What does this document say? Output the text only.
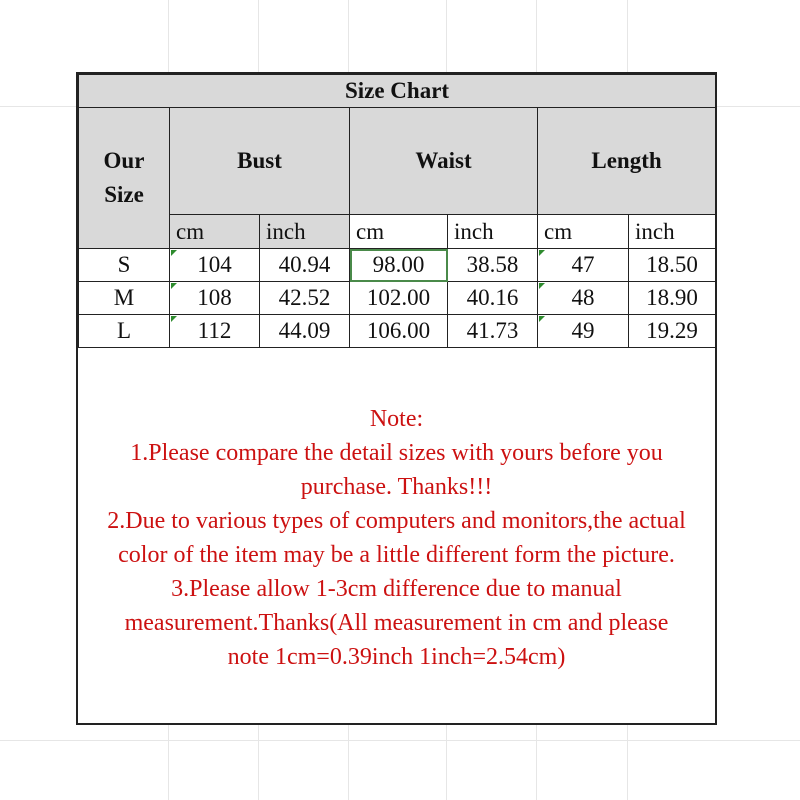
Size Chart						

Our
Size	Bust		Waist		Length	
	cm	inch	cm	inch	cm	inch
S	104	40.94	98.00	38.58	47	18.50
M	108	42.52	102.00	40.16	48	18.90
L	112	44.09	106.00	41.73	49	19.29
Note:
1.Please compare the detail sizes with yours before you
purchase. Thanks!!!
2.Due to various types of computers and monitors,the actual
color of the item may be a little different form the picture.
3.Please allow 1-3cm difference due to manual
measurement.Thanks(All measurement in cm and please
note 1cm=0.39inch 1inch=2.54cm)
